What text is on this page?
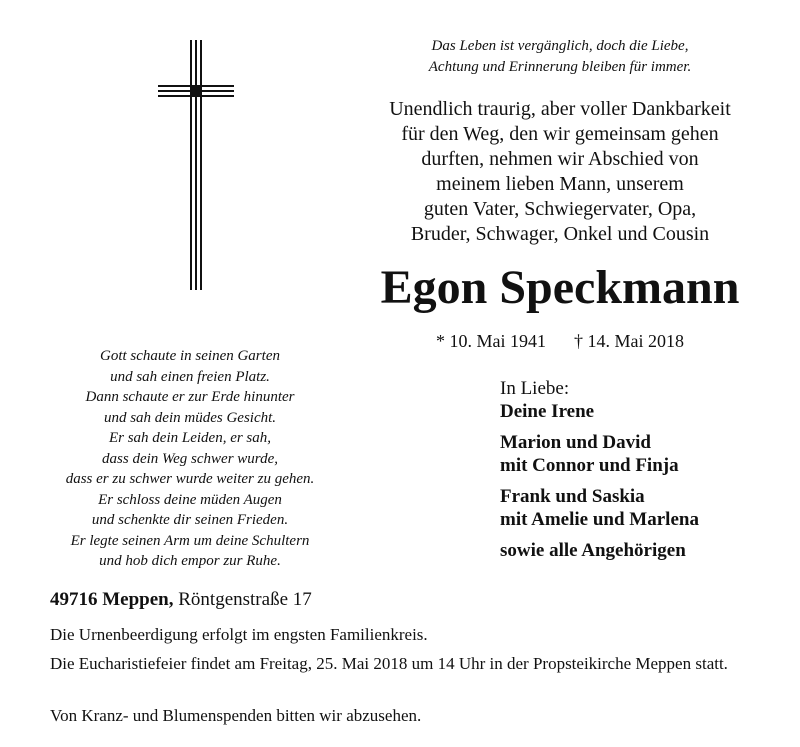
Das Leben ist vergänglich, doch die Liebe,
Achtung und Erinnerung bleiben für immer.
Unendlich traurig, aber voller Dankbarkeit
für den Weg, den wir gemeinsam gehen
durften, nehmen wir Abschied von
meinem lieben Mann, unserem
guten Vater, Schwiegervater, Opa,
Bruder, Schwager, Onkel und Cousin
Egon Speckmann
* 10. Mai 1941 † 14. Mai 2018
Gott schaute in seinen Garten
und sah einen freien Platz.
Dann schaute er zur Erde hinunter
und sah dein müdes Gesicht.
Er sah dein Leiden, er sah,
dass dein Weg schwer wurde,
dass er zu schwer wurde weiter zu gehen.
Er schloss deine müden Augen
und schenkte dir seinen Frieden.
Er legte seinen Arm um deine Schultern
und hob dich empor zur Ruhe.
In Liebe:
Deine Irene
Marion und David
mit Connor und Finja
Frank und Saskia
mit Amelie und Marlena
sowie alle Angehörigen
49716 Meppen, Röntgenstraße 17
Die Urnenbeerdigung erfolgt im engsten Familienkreis.
Die Eucharistiefeier findet am Freitag, 25. Mai 2018 um 14 Uhr in der Propsteikirche Meppen statt.
Von Kranz- und Blumenspenden bitten wir abzusehen.
